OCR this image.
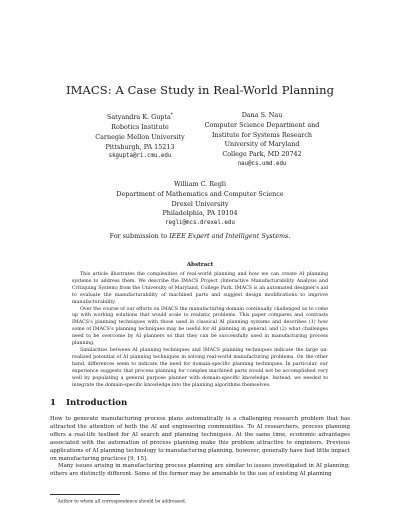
IMACS: A Case Study in Real-World Planning
Satyandra K. Gupta*
Robotics Institute
Carnegie Mellon University
Pittsburgh, PA 15213
skgupta@ri.cmu.edu
Dana S. Nau
Computer Science Department and
Institute for Systems Research
University of Maryland
College Park, MD 20742
nau@cs.umd.edu
William C. Regli
Department of Mathematics and Computer Science
Drexel University
Philadelphia, PA 19104
regli@mcs.drexel.edu
For submission to IEEE Expert and Intelligent Systems.
Abstract

This article illustrates the complexities of real-world planning and how we can create AI planning systems to address them. We describe the IMACS Project (Interactive Manufacturability Analysis and Critiquing System) from the University of Maryland, College Park. IMACS is an automated designer's aid to evaluate the manufacturability of machined parts and suggest design modifications to improve manufacturability.

Over the course of our efforts on IMACS the manufacturing domain continually challenged us to come up with working solutions that would scale to realistic problems. This paper compares and contrasts IMACS's planning techniques with those used in classical AI planning systems and describes (1) how some of IMACS's planning techniques may be useful for AI planning in general, and (2) what challenges need to be overcome by AI planners so that they can be successfully used in manufacturing process planning.

Similarities between AI planning techniques and IMACS planning techniques indicate the large un-realized potential of AI planning techniques in solving real-world manufacturing problems. On the other hand, differences seem to indicate the need for domain-specific planning techniques. In particular, our experience suggests that process planning for complex machined parts would not be accomplished very well by populating a general purpose planner with domain-specific knowledge. Instead, we needed to integrate the domain-specific knowledge into the planning algorithms themselves.

1 Introduction

How to generate manufacturing process plans automatically is a challenging research problem that has attracted the attention of both the AI and engineering communities. To AI researchers, process planning offers a real-life testbed for AI search and planning techniques. At the same time, economic advantages associated with the automation of process planning make this problem attractive to engineers. Previous applications of AI planning technology to manufacturing planning, however, generally have had little impact on manufacturing practices [9, 15].

Many issues arising in manufacturing process planning are similar to issues investigated in AI planning; others are distinctly different. Some of the former may be amenable to the use of existing AI planning

*Author to whom all correspondence should be addressed.
